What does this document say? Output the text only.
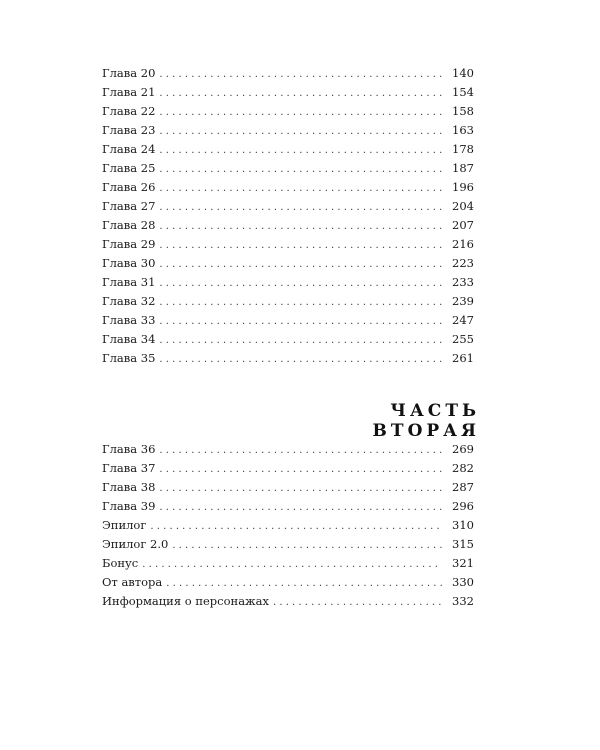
Глава 20 . . .	140
Глава 21 . . .	154
Глава 22 . . .	158
Глава 23 . . .	163
Глава 24 . . .	178
Глава 25 . . .	187
Глава 26 . . .	196
Глава 27 . . .	204
Глава 28 . . .	207
Глава 29 . . .	216
Глава 30 . . .	223
Глава 31 . . .	233
Глава 32 . . .	239
Глава 33 . . .	247
Глава 34 . . .	255
Глава 35 . . .	261
ЧАСТЬ ВТОРАЯ
Глава 36 . . .	269
Глава 37 . . .	282
Глава 38 . . .	287
Глава 39 . . .	296
Эпилог . . .	310
Эпилог 2.0 . . .	315
Бонус . . .	321
От автора . . .	330
Информация о персонажах . . .	332
